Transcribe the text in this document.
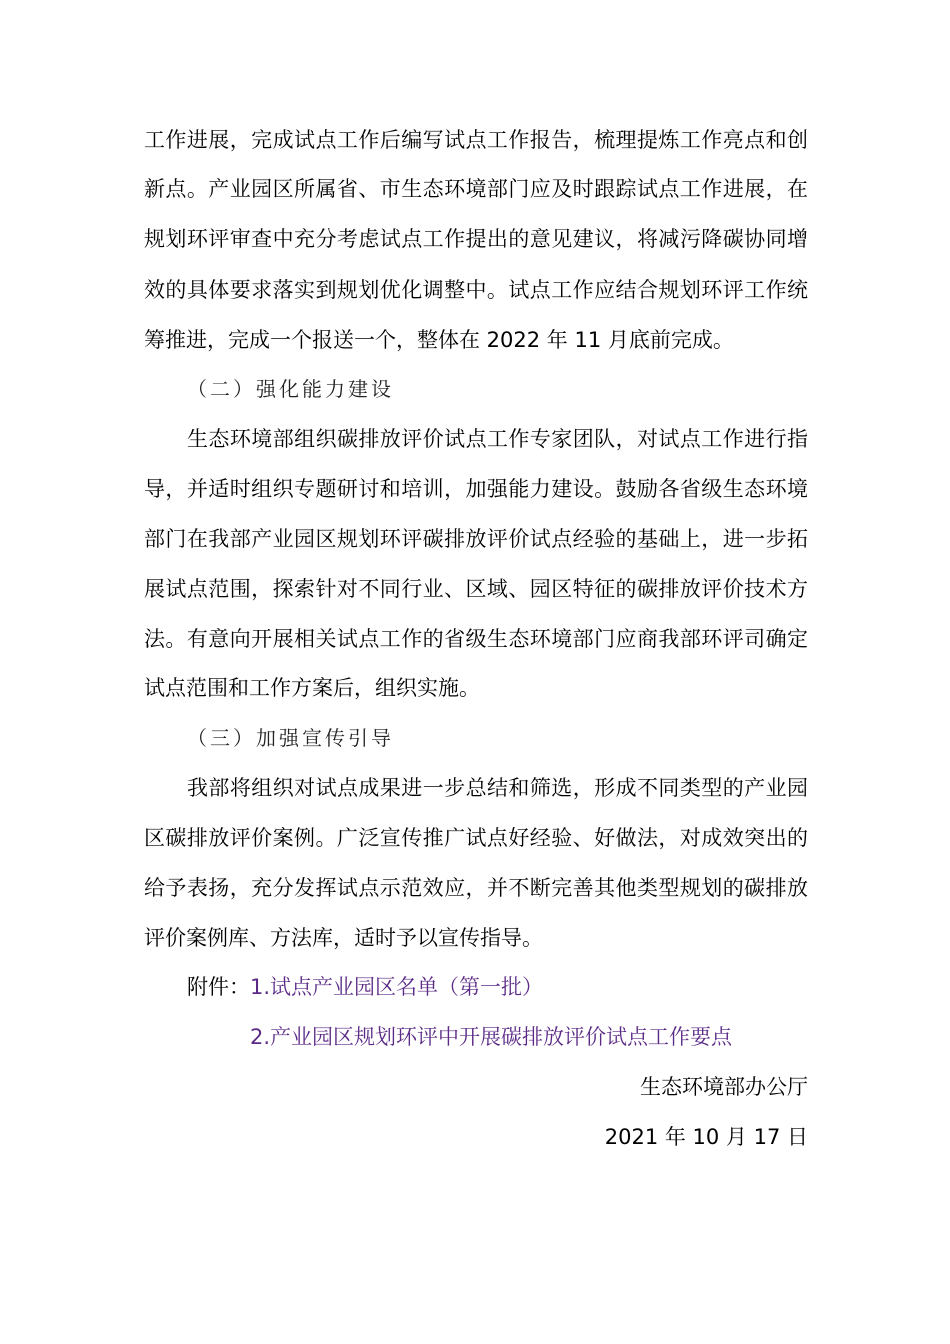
工作进展，完成试点工作后编写试点工作报告，梳理提炼工作亮点和创
新点。产业园区所属省、市生态环境部门应及时跟踪试点工作进展，在
规划环评审查中充分考虑试点工作提出的意见建议，将减污降碳协同增
效的具体要求落实到规划优化调整中。试点工作应结合规划环评工作统
筹推进，完成一个报送一个，整体在 2022 年 11 月底前完成。
（二）强化能力建设
生态环境部组织碳排放评价试点工作专家团队，对试点工作进行指
导，并适时组织专题研讨和培训，加强能力建设。鼓励各省级生态环境
部门在我部产业园区规划环评碳排放评价试点经验的基础上，进一步拓
展试点范围，探索针对不同行业、区域、园区特征的碳排放评价技术方
法。有意向开展相关试点工作的省级生态环境部门应商我部环评司确定
试点范围和工作方案后，组织实施。
（三）加强宣传引导
我部将组织对试点成果进一步总结和筛选，形成不同类型的产业园
区碳排放评价案例。广泛宣传推广试点好经验、好做法，对成效突出的
给予表扬，充分发挥试点示范效应，并不断完善其他类型规划的碳排放
评价案例库、方法库，适时予以宣传指导。
附件：1.试点产业园区名单（第一批）
2.产业园区规划环评中开展碳排放评价试点工作要点
生态环境部办公厅
2021 年 10 月 17 日
